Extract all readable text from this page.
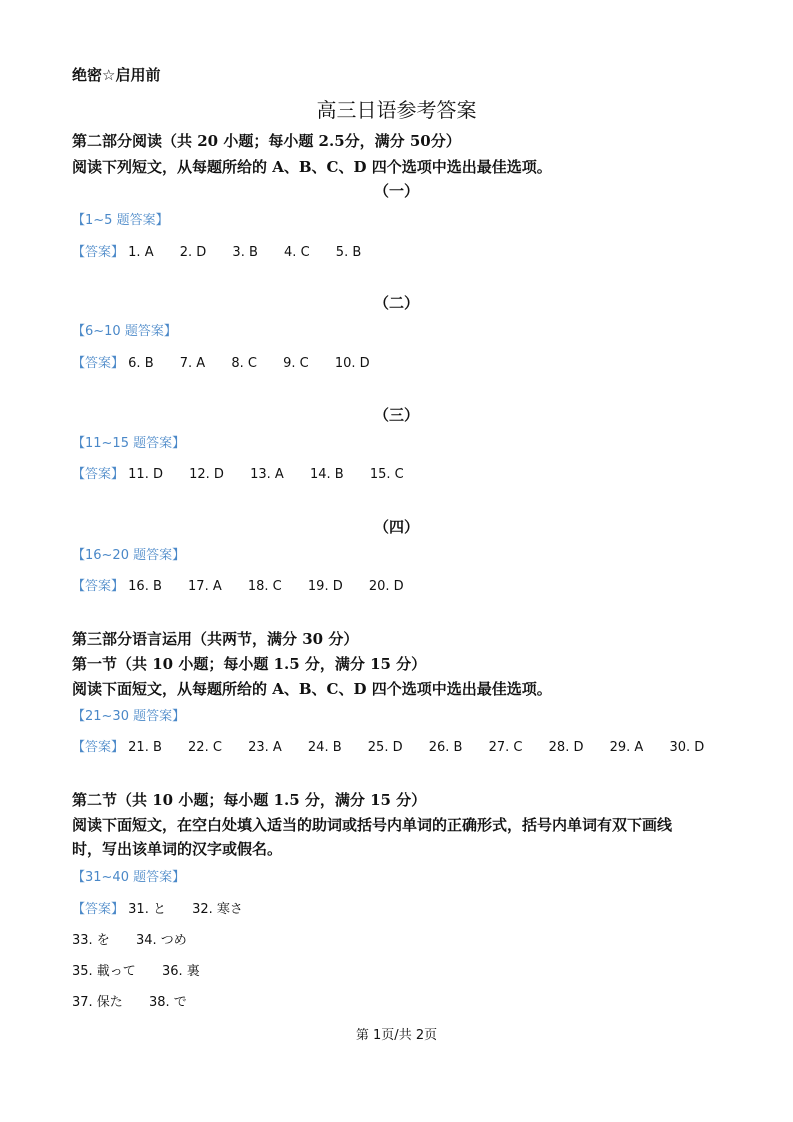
绝密☆启用前
高三日语参考答案
第二部分阅读（共 20 小题；每小题 2.5分，满分 50分）
阅读下列短文，从每题所给的 A、B、C、D 四个选项中选出最佳选项。
（一）
【1~5 题答案】
【答案】 1. A 2. D 3. B 4. C 5. B
（二）
【6~10 题答案】
【答案】 6. B 7. A 8. C 9. C 10. D
（三）
【11~15 题答案】
【答案】 11. D 12. D 13. A 14. B 15. C
（四）
【16~20 题答案】
【答案】 16. B 17. A 18. C 19. D 20. D
第三部分语言运用（共两节，满分 30 分）
第一节（共 10 小题；每小题 1.5 分，满分 15 分）
阅读下面短文，从每题所给的 A、B、C、D 四个选项中选出最佳选项。
【21~30 题答案】
【答案】 21. B 22. C 23. A 24. B 25. D 26. B 27. C 28. D 29. A 30. D
第二节（共 10 小题；每小题 1.5 分，满分 15 分）
阅读下面短文，在空白处填入适当的助词或括号内单词的正确形式，括号内单词有双下画线
时，写出该单词的汉字或假名。
【31~40 题答案】
【答案】 31. と 32. 寒さ
33. を 34. つめ
35. 載って 36. 裏
37. 保た 38. で
第 1页/共 2页
